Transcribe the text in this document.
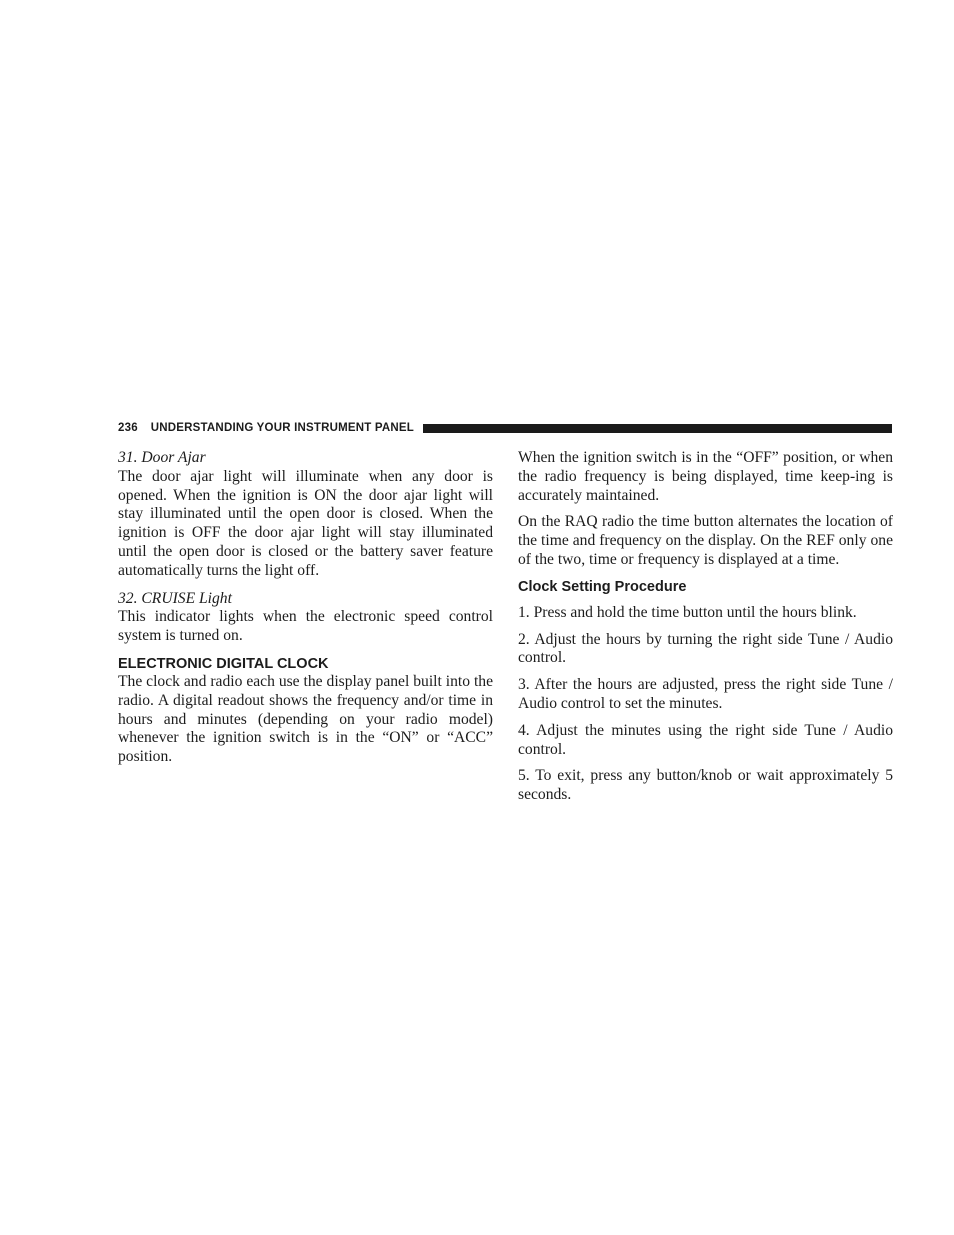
236 UNDERSTANDING YOUR INSTRUMENT PANEL

31. Door Ajar

The door ajar light will illuminate when any door is opened. When the ignition is ON the door ajar light will stay illuminated until the open door is closed. When the ignition is OFF the door ajar light will stay illuminated until the open door is closed or the battery saver feature automatically turns the light off.

32. CRUISE Light

This indicator lights when the electronic speed control system is turned on.

ELECTRONIC DIGITAL CLOCK

The clock and radio each use the display panel built into the radio. A digital readout shows the frequency and/or time in hours and minutes (depending on your radio model) whenever the ignition switch is in the “ON” or “ACC” position.

When the ignition switch is in the “OFF” position, or when the radio frequency is being displayed, time keep-ing is accurately maintained.

On the RAQ radio the time button alternates the location of the time and frequency on the display. On the REF only one of the two, time or frequency is displayed at a time.

Clock Setting Procedure

1. Press and hold the time button until the hours blink.

2. Adjust the hours by turning the right side Tune / Audio control.

3. After the hours are adjusted, press the right side Tune / Audio control to set the minutes.

4. Adjust the minutes using the right side Tune / Audio control.

5. To exit, press any button/knob or wait approximately 5 seconds.
